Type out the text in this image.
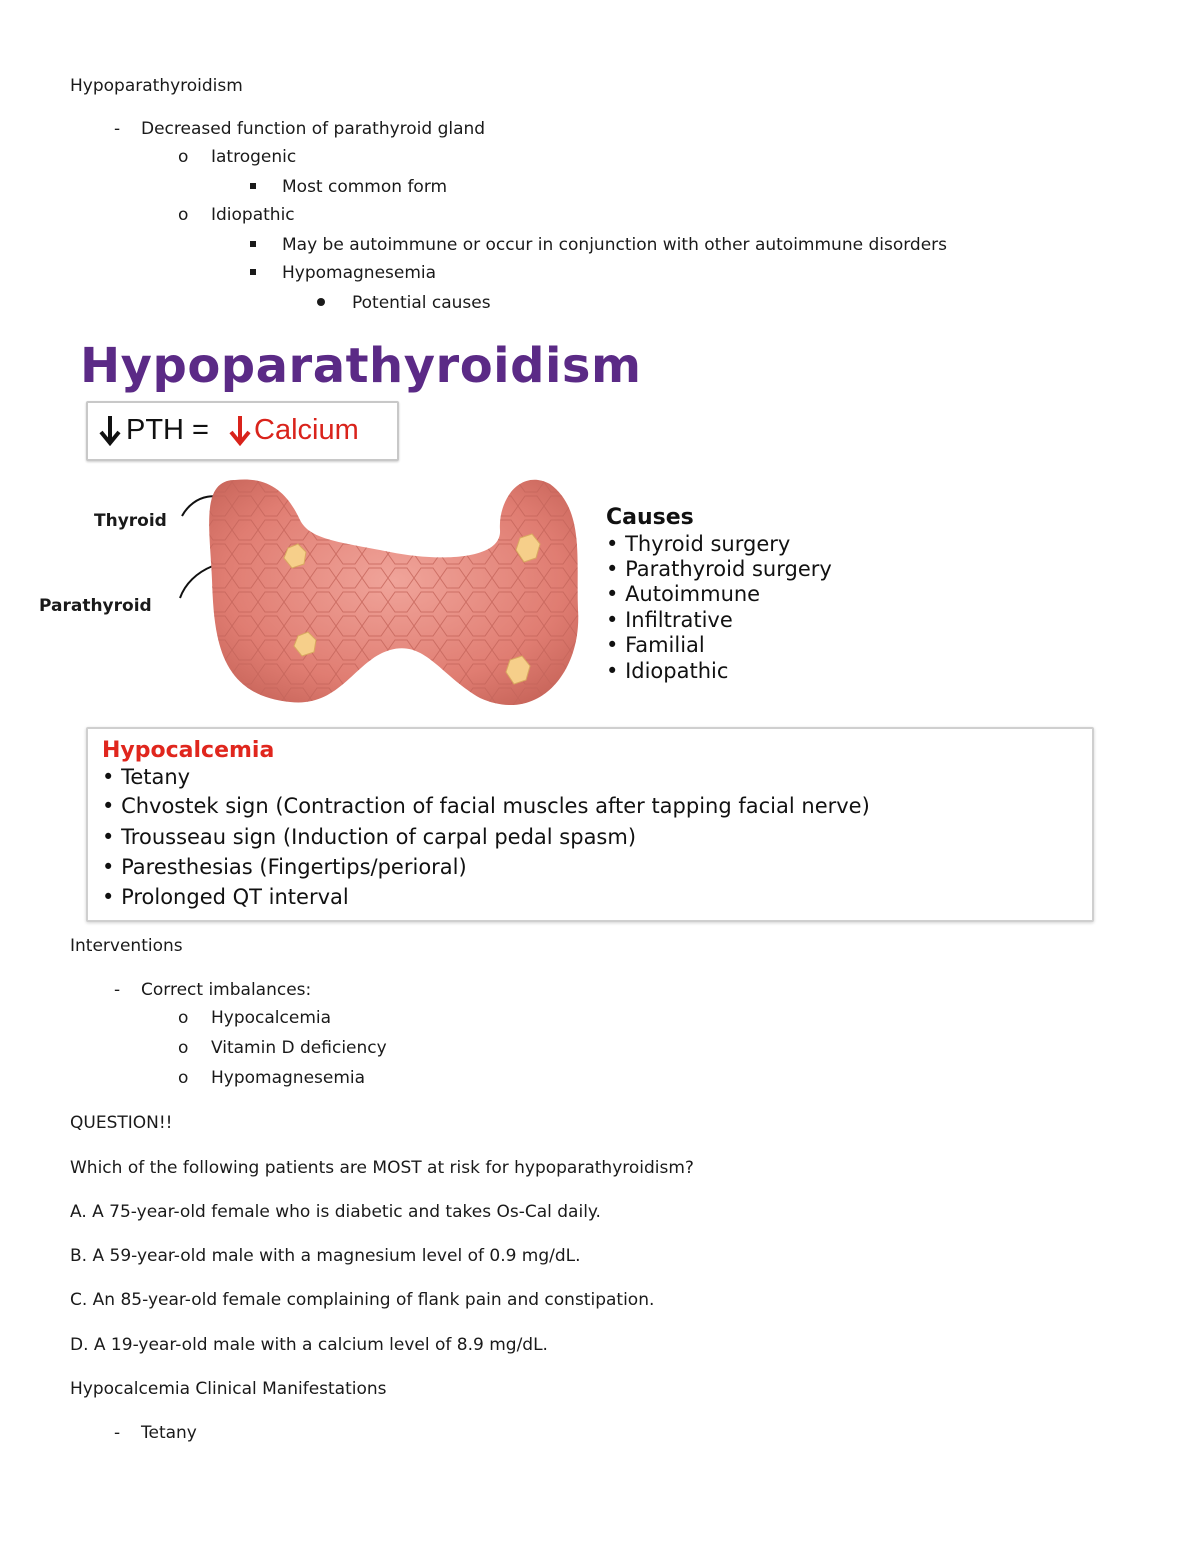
Hypoparathyroidism
- Decreased function of parathyroid gland
o Iatrogenic
Most common form
o Idiopathic
May be autoimmune or occur in conjunction with other autoimmune disorders
Hypomagnesemia
Potential causes
Hypoparathyroidism
PTH = Calcium
Thyroid
Parathyroid
Causes
• Thyroid surgery
• Parathyroid surgery
• Autoimmune
• Infiltrative
• Familial
• Idiopathic
Hypocalcemia
• Tetany
• Chvostek sign (Contraction of facial muscles after tapping facial nerve)
• Trousseau sign (Induction of carpal pedal spasm)
• Paresthesias (Fingertips/perioral)
• Prolonged QT interval
Interventions
- Correct imbalances:
o Hypocalcemia
o Vitamin D deficiency
o Hypomagnesemia
QUESTION!!
Which of the following patients are MOST at risk for hypoparathyroidism?
A. A 75-year-old female who is diabetic and takes Os-Cal daily.
B. A 59-year-old male with a magnesium level of 0.9 mg/dL.
C. An 85-year-old female complaining of flank pain and constipation.
D. A 19-year-old male with a calcium level of 8.9 mg/dL.
Hypocalcemia Clinical Manifestations
- Tetany
